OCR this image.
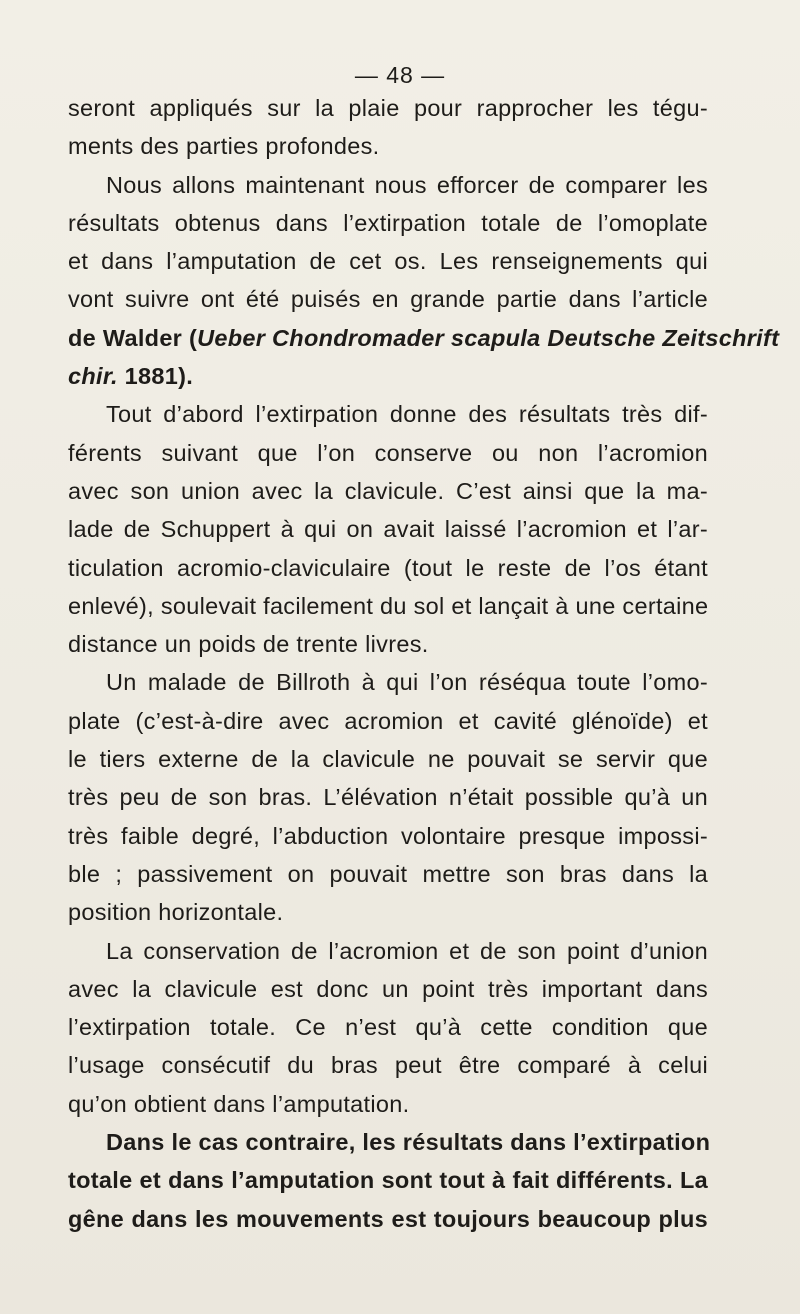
— 48 —
seront appliqués sur la plaie pour rapprocher les tégu-
ments des parties profondes.
Nous allons maintenant nous efforcer de comparer les
résultats obtenus dans l’extirpation totale de l’omoplate
et dans l’amputation de cet os. Les renseignements qui
vont suivre ont été puisés en grande partie dans l’article
de Walder (Ueber Chondromader scapula Deutsche Zeitschrift
chir. 1881).
Tout d’abord l’extirpation donne des résultats très dif-
férents suivant que l’on conserve ou non l’acromion
avec son union avec la clavicule. C’est ainsi que la ma-
lade de Schuppert à qui on avait laissé l’acromion et l’ar-
ticulation acromio-claviculaire (tout le reste de l’os étant
enlevé), soulevait facilement du sol et lançait à une certaine
distance un poids de trente livres.
Un malade de Billroth à qui l’on réséqua toute l’omo-
plate (c’est-à-dire avec acromion et cavité glénoïde) et
le tiers externe de la clavicule ne pouvait se servir que
très peu de son bras. L’élévation n’était possible qu’à un
très faible degré, l’abduction volontaire presque impossi-
ble ; passivement on pouvait mettre son bras dans la
position horizontale.
La conservation de l’acromion et de son point d’union
avec la clavicule est donc un point très important dans
l’extirpation totale. Ce n’est qu’à cette condition que
l’usage consécutif du bras peut être comparé à celui
qu’on obtient dans l’amputation.
Dans le cas contraire, les résultats dans l’extirpation
totale et dans l’amputation sont tout à fait différents. La
gêne dans les mouvements est toujours beaucoup plus
